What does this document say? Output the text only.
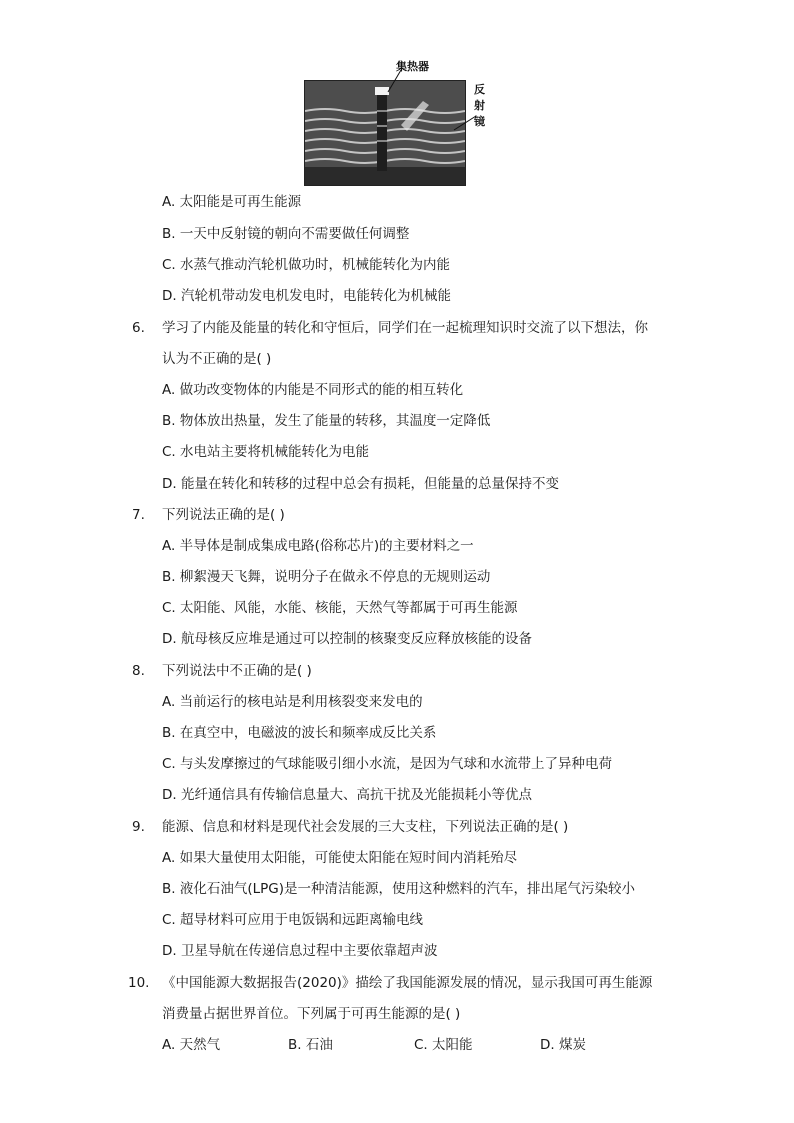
集热器
反射镜
A. 太阳能是可再生能源
B. 一天中反射镜的朝向不需要做任何调整
C. 水蒸气推动汽轮机做功时，机械能转化为内能
D. 汽轮机带动发电机发电时，电能转化为机械能
6.	学习了内能及能量的转化和守恒后，同学们在一起梳理知识时交流了以下想法，你
认为不正确的是( )
A. 做功改变物体的内能是不同形式的能的相互转化
B. 物体放出热量，发生了能量的转移，其温度一定降低
C. 水电站主要将机械能转化为电能
D. 能量在转化和转移的过程中总会有损耗，但能量的总量保持不变
7.	下列说法正确的是( )
A. 半导体是制成集成电路(俗称芯片)的主要材料之一
B. 柳絮漫天飞舞，说明分子在做永不停息的无规则运动
C. 太阳能、风能，水能、核能，天然气等都属于可再生能源
D. 航母核反应堆是通过可以控制的核聚变反应释放核能的设备
8.	下列说法中不正确的是( )
A. 当前运行的核电站是利用核裂变来发电的
B. 在真空中，电磁波的波长和频率成反比关系
C. 与头发摩擦过的气球能吸引细小水流，是因为气球和水流带上了异种电荷
D. 光纤通信具有传输信息量大、高抗干扰及光能损耗小等优点
9.	能源、信息和材料是现代社会发展的三大支柱，下列说法正确的是( )
A. 如果大量使用太阳能，可能使太阳能在短时间内消耗殆尽
B. 液化石油气(LPG)是一种清洁能源，使用这种燃料的汽车，排出尾气污染较小
C. 超导材料可应用于电饭锅和远距离输电线
D. 卫星导航在传递信息过程中主要依靠超声波
10. 《中国能源大数据报告(2020)》描绘了我国能源发展的情况，显示我国可再生能源
消费量占据世界首位。下列属于可再生能源的是( )
A. 天然气	B. 石油	C. 太阳能	D. 煤炭
